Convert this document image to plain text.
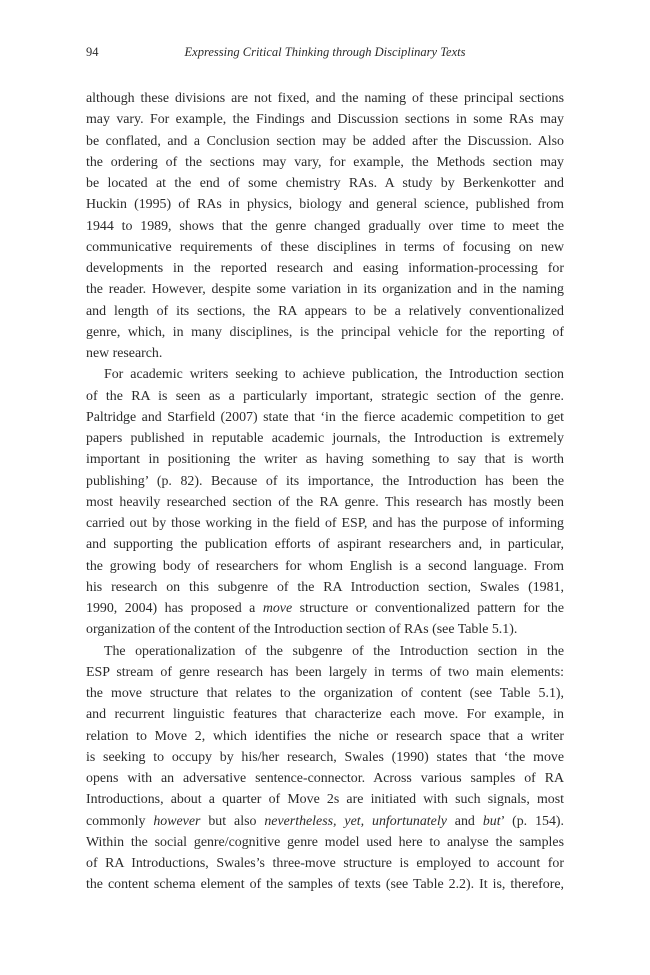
94	Expressing Critical Thinking through Disciplinary Texts
although these divisions are not fixed, and the naming of these principal sections
may vary. For example, the Findings and Discussion sections in some RAs may
be conflated, and a Conclusion section may be added after the Discussion. Also
the ordering of the sections may vary, for example, the Methods section may
be located at the end of some chemistry RAs. A study by Berkenkotter and
Huckin (1995) of RAs in physics, biology and general science, published from
1944 to 1989, shows that the genre changed gradually over time to meet the
communicative requirements of these disciplines in terms of focusing on new
developments in the reported research and easing information-processing for
the reader. However, despite some variation in its organization and in the naming
and length of its sections, the RA appears to be a relatively conventionalized
genre, which, in many disciplines, is the principal vehicle for the reporting of
new research.
For academic writers seeking to achieve publication, the Introduction section
of the RA is seen as a particularly important, strategic section of the genre.
Paltridge and Starfield (2007) state that ‘in the fierce academic competition to get
papers published in reputable academic journals, the Introduction is extremely
important in positioning the writer as having something to say that is worth
publishing’ (p. 82). Because of its importance, the Introduction has been the
most heavily researched section of the RA genre. This research has mostly been
carried out by those working in the field of ESP, and has the purpose of informing
and supporting the publication efforts of aspirant researchers and, in particular,
the growing body of researchers for whom English is a second language. From
his research on this subgenre of the RA Introduction section, Swales (1981,
1990, 2004) has proposed a move structure or conventionalized pattern for the
organization of the content of the Introduction section of RAs (see Table 5.1).
The operationalization of the subgenre of the Introduction section in the
ESP stream of genre research has been largely in terms of two main elements:
the move structure that relates to the organization of content (see Table 5.1),
and recurrent linguistic features that characterize each move. For example, in
relation to Move 2, which identifies the niche or research space that a writer
is seeking to occupy by his/her research, Swales (1990) states that ‘the move
opens with an adversative sentence-connector. Across various samples of RA
Introductions, about a quarter of Move 2s are initiated with such signals, most
commonly however but also nevertheless, yet, unfortunately and but’ (p. 154).
Within the social genre/cognitive genre model used here to analyse the samples
of RA Introductions, Swales’s three-move structure is employed to account for
the content schema element of the samples of texts (see Table 2.2). It is, therefore,
